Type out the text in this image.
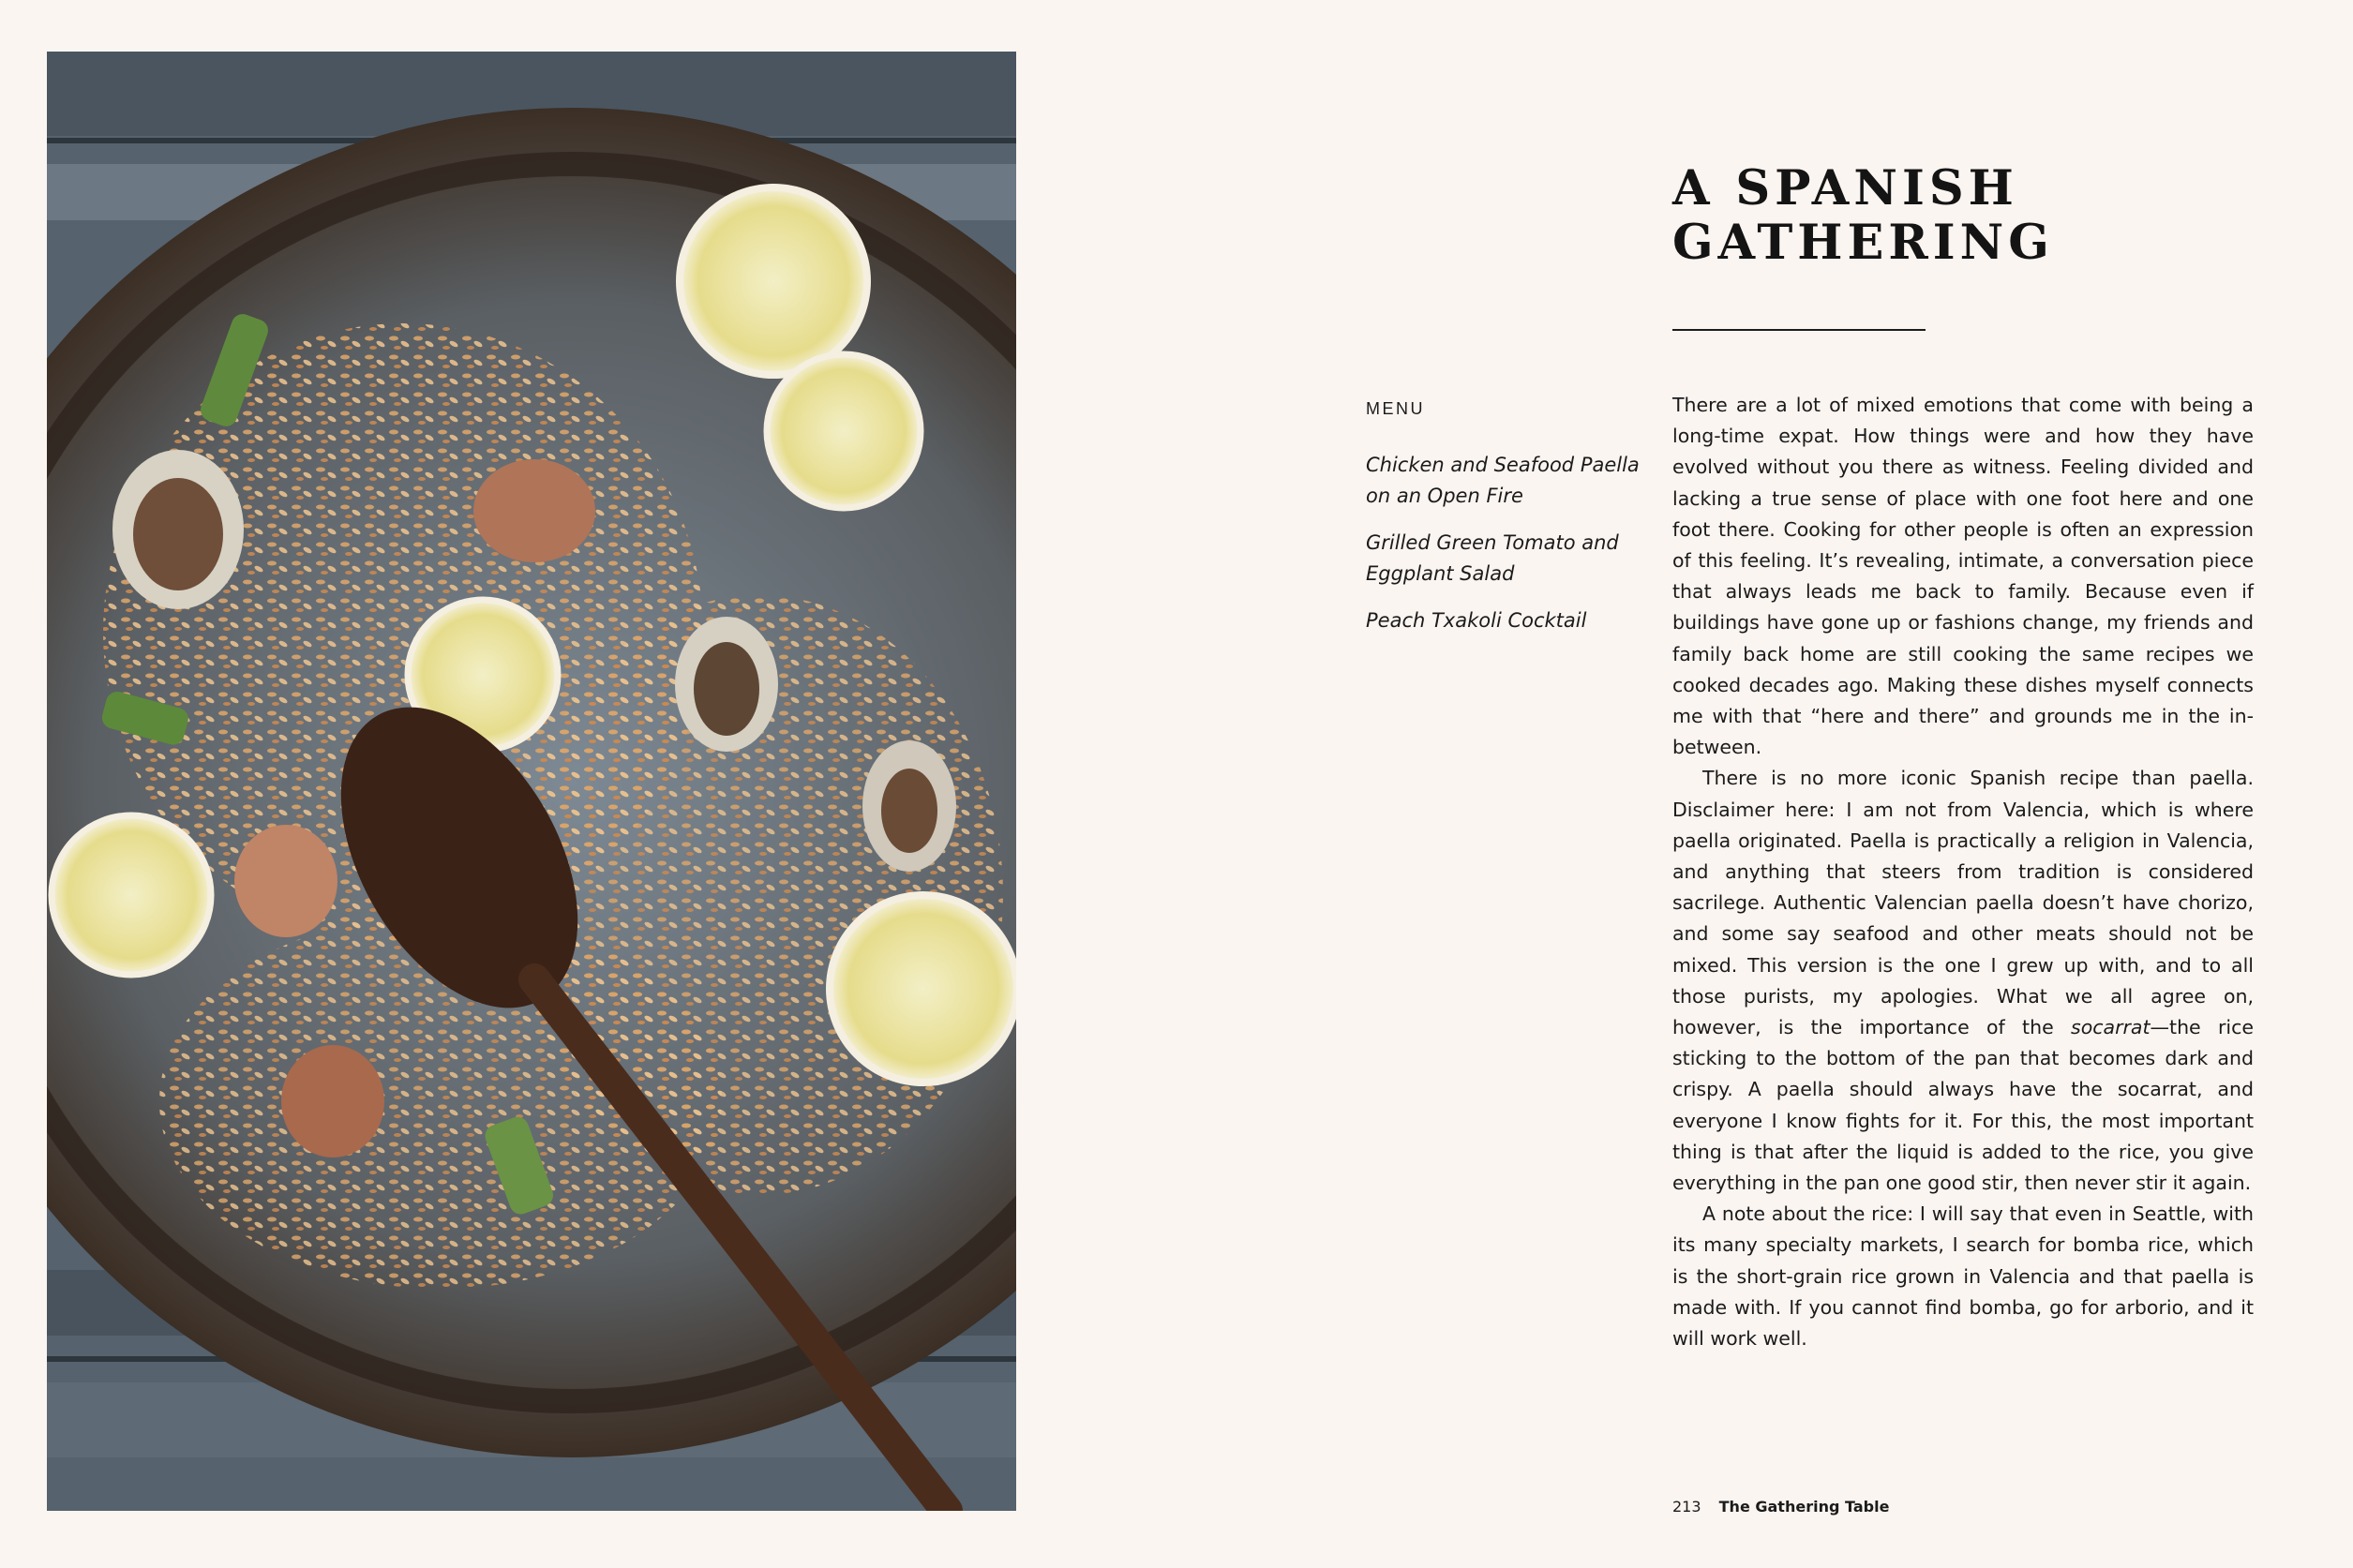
A SPANISH
GATHERING
MENU
Chicken and Seafood Paella on an Open Fire
Grilled Green Tomato and Eggplant Salad
Peach Txakoli Cocktail

There are a lot of mixed emotions that come with being a long-time expat. How things were and how they have evolved without you there as witness. Feeling divided and lacking a true sense of place with one foot here and one foot there. Cooking for other people is often an expression of this feeling. It’s revealing, intimate, a conversation piece that always leads me back to family. Because even if buildings have gone up or fashions change, my friends and family back home are still cooking the same recipes we cooked decades ago. Making these dishes myself connects me with that “here and there” and grounds me in the in-between.

There is no more iconic Spanish recipe than paella. Disclaimer here: I am not from Valencia, which is where paella originated. Paella is practically a religion in Valencia, and anything that steers from tradition is considered sacrilege. Authentic Valencian paella doesn’t have chorizo, and some say seafood and other meats should not be mixed. This version is the one I grew up with, and to all those purists, my apologies. What we all agree on, however, is the importance of the socarrat—the rice sticking to the bottom of the pan that becomes dark and crispy. A paella should always have the socarrat, and everyone I know fights for it. For this, the most important thing is that after the liquid is added to the rice, you give everything in the pan one good stir, then never stir it again.

A note about the rice: I will say that even in Seattle, with its many specialty markets, I search for bomba rice, which is the short-grain rice grown in Valencia and that paella is made with. If you cannot find bomba, go for arborio, and it will work well.

213 The Gathering Table
